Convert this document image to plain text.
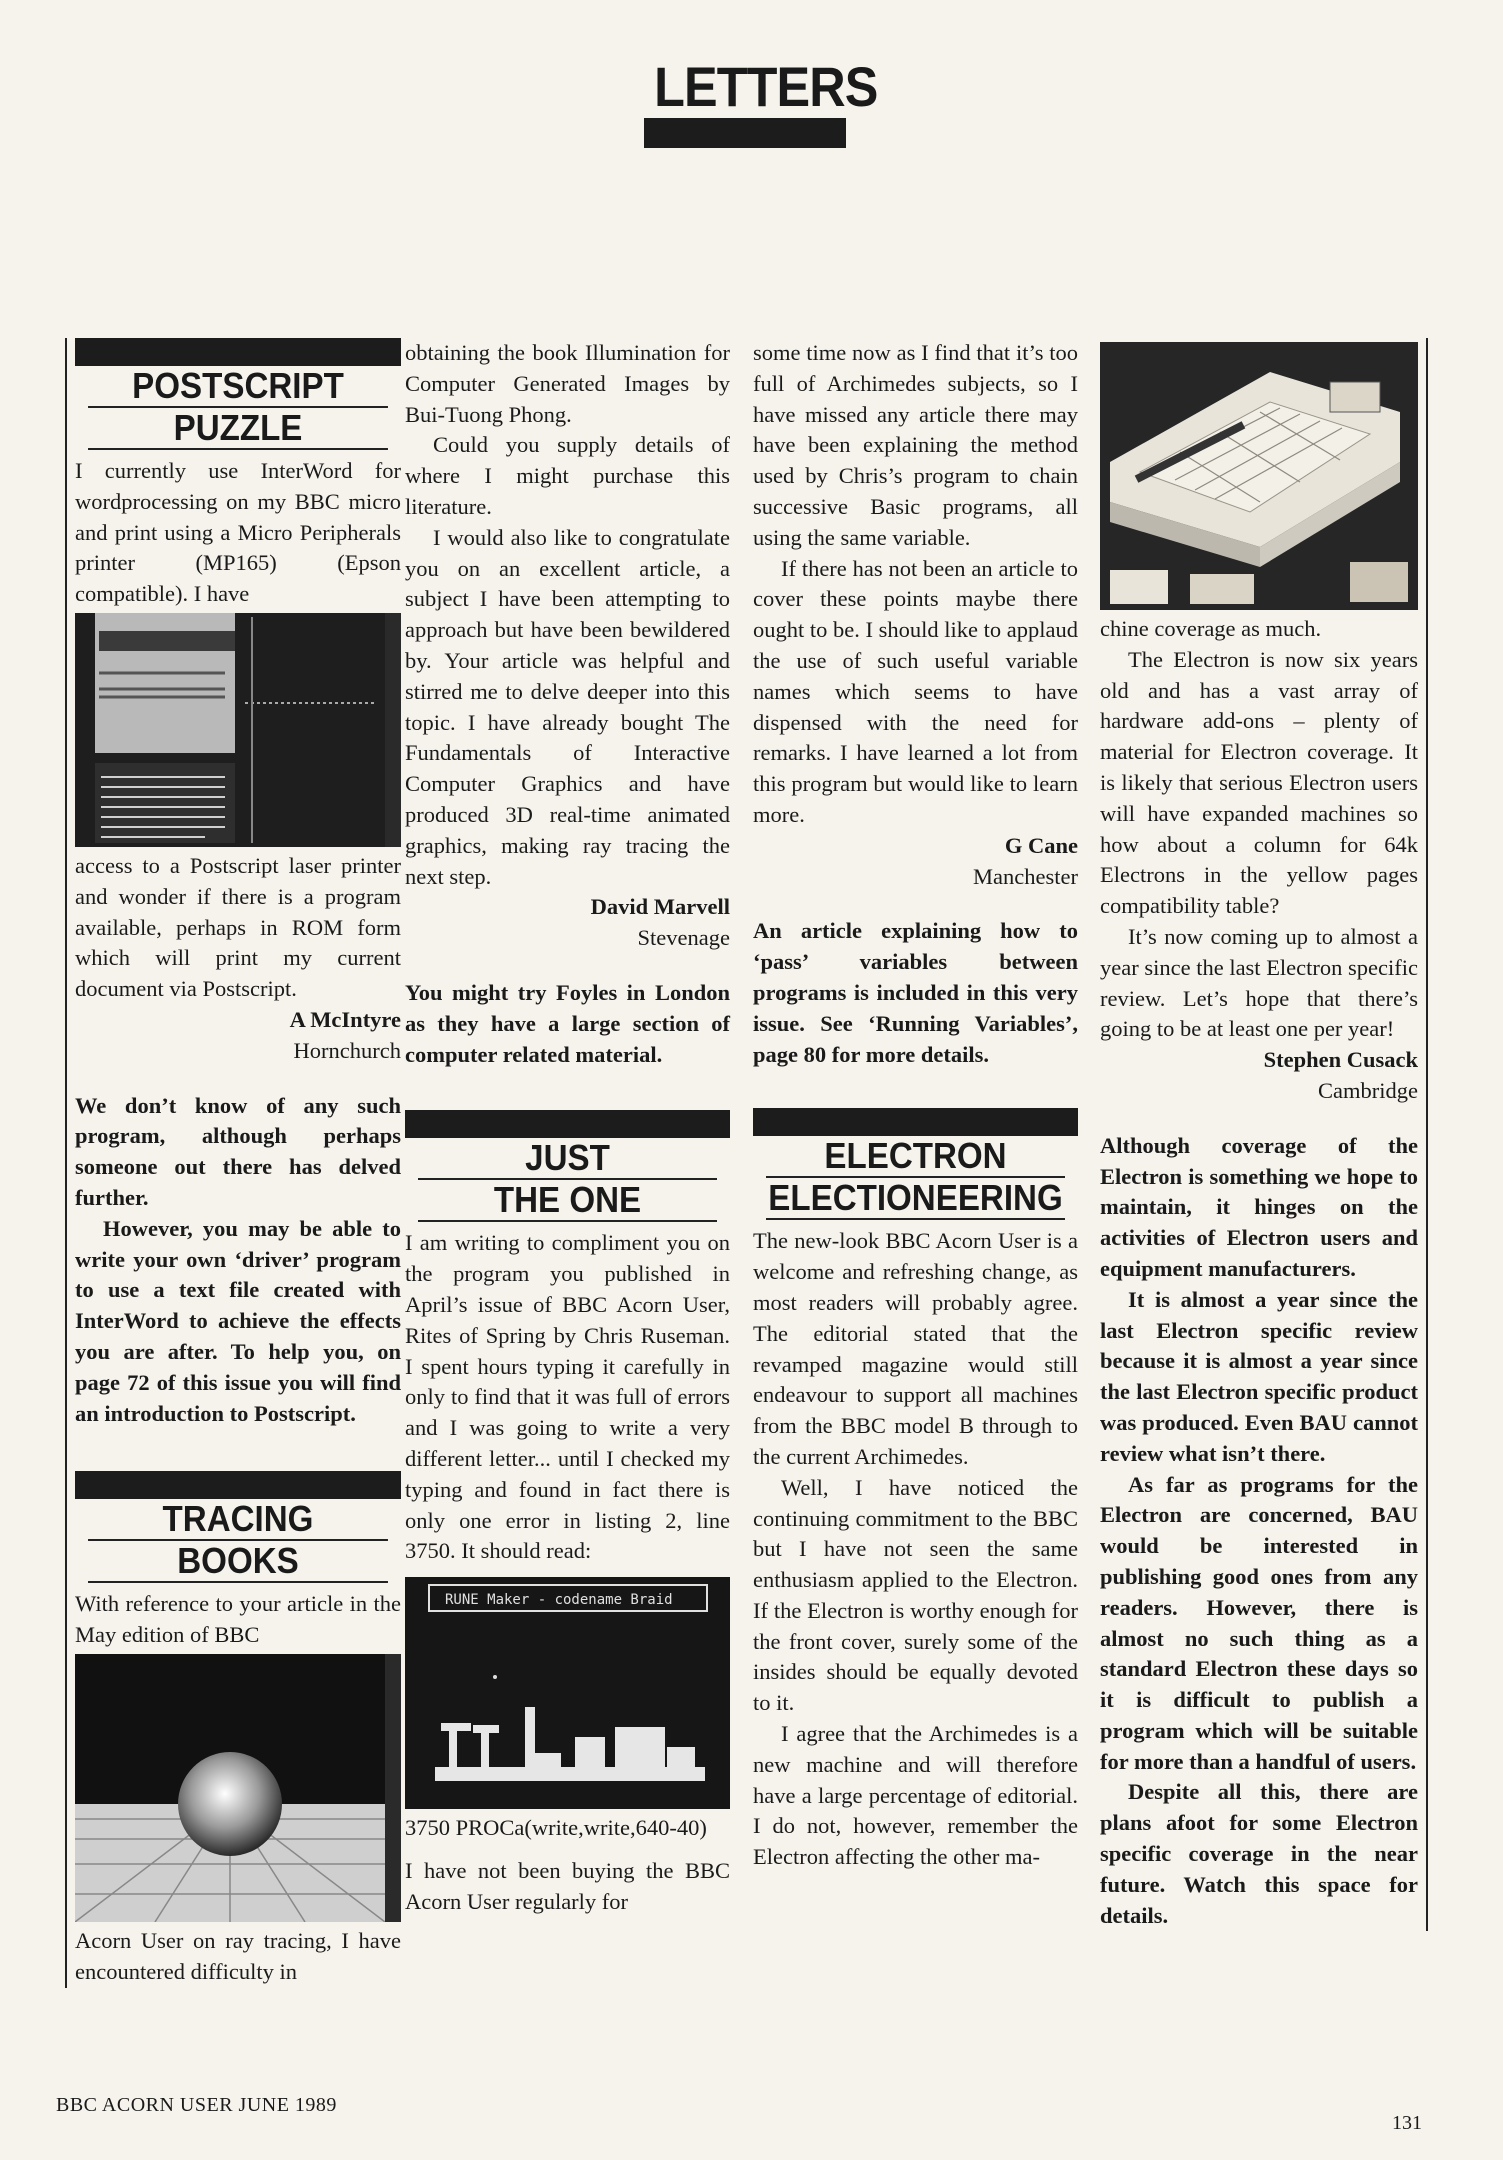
LETTERS
POSTSCRIPT
PUZZLE

I currently use InterWord for wordprocessing on my BBC micro and print using a Micro Peripherals printer (MP165) (Epson compatible). I have

access to a Postscript laser printer and wonder if there is a program available, perhaps in ROM form which will print my current document via Postscript.

A McIntyre
Hornchurch

We don’t know of any such program, although perhaps someone out there has delved further.

However, you may be able to write your own ‘driver’ program to use a text file created with InterWord to achieve the effects you are after. To help you, on page 72 of this issue you will find an introduction to Postscript.

TRACING
BOOKS

With reference to your article in the May edition of BBC

Acorn User on ray tracing, I have encountered difficulty in

obtaining the book Illumination for Computer Generated Images by Bui-Tuong Phong.

Could you supply details of where I might purchase this literature.

I would also like to congratulate you on an excellent article, a subject I have been attempting to approach but have been bewildered by. Your article was helpful and stirred me to delve deeper into this topic. I have already bought The Fundamentals of Interactive Computer Graphics and have produced 3D real-time animated graphics, making ray tracing the next step.

David Marvell
Stevenage

You might try Foyles in London as they have a large section of computer related material.

JUST
THE ONE

I am writing to compliment you on the program you published in April’s issue of BBC Acorn User, Rites of Spring by Chris Ruseman. I spent hours typing it carefully in only to find that it was full of errors and I was going to write a very different letter... until I checked my typing and found in fact there is only one error in listing 2, line 3750. It should read:

RUNE Maker - codename Braid

3750 PROCa(write,write,640-40)

I have not been buying the BBC Acorn User regularly for

some time now as I find that it’s too full of Archimedes subjects, so I have missed any article there may have been explaining the method used by Chris’s program to chain successive Basic programs, all using the same variable.

If there has not been an article to cover these points maybe there ought to be. I should like to applaud the use of such useful variable names which seems to have dispensed with the need for remarks. I have learned a lot from this program but would like to learn more.

G Cane
Manchester

An article explaining how to ‘pass’ variables between programs is included in this very issue. See ‘Running Variables’, page 80 for more details.

ELECTRON
ELECTIONEERING

The new-look BBC Acorn User is a welcome and refreshing change, as most readers will probably agree. The editorial stated that the revamped magazine would still endeavour to support all machines from the BBC model B through to the current Archimedes.

Well, I have noticed the continuing commitment to the BBC but I have not seen the same enthusiasm applied to the Electron. If the Electron is worthy enough for the front cover, surely some of the insides should be equally devoted to it.

I agree that the Archimedes is a new machine and will therefore have a large percentage of editorial. I do not, however, remember the Electron affecting the other ma-

chine coverage as much.

The Electron is now six years old and has a vast array of hardware add-ons – plenty of material for Electron coverage. It is likely that serious Electron users will have expanded machines so how about a column for 64k Electrons in the yellow pages compatibility table?

It’s now coming up to almost a year since the last Electron specific review. Let’s hope that there’s going to be at least one per year!

Stephen Cusack
Cambridge

Although coverage of the Electron is something we hope to maintain, it hinges on the activities of Electron users and equipment manufacturers.

It is almost a year since the last Electron specific review because it is almost a year since the last Electron specific product was produced. Even BAU cannot review what isn’t there.

As far as programs for the Electron are concerned, BAU would be interested in publishing good ones from any readers. However, there is almost no such thing as a standard Electron these days so it is difficult to publish a program which will be suitable for more than a handful of users.

Despite all this, there are plans afoot for some Electron specific coverage in the near future. Watch this space for details.

BBC ACORN USER JUNE 1989
131
